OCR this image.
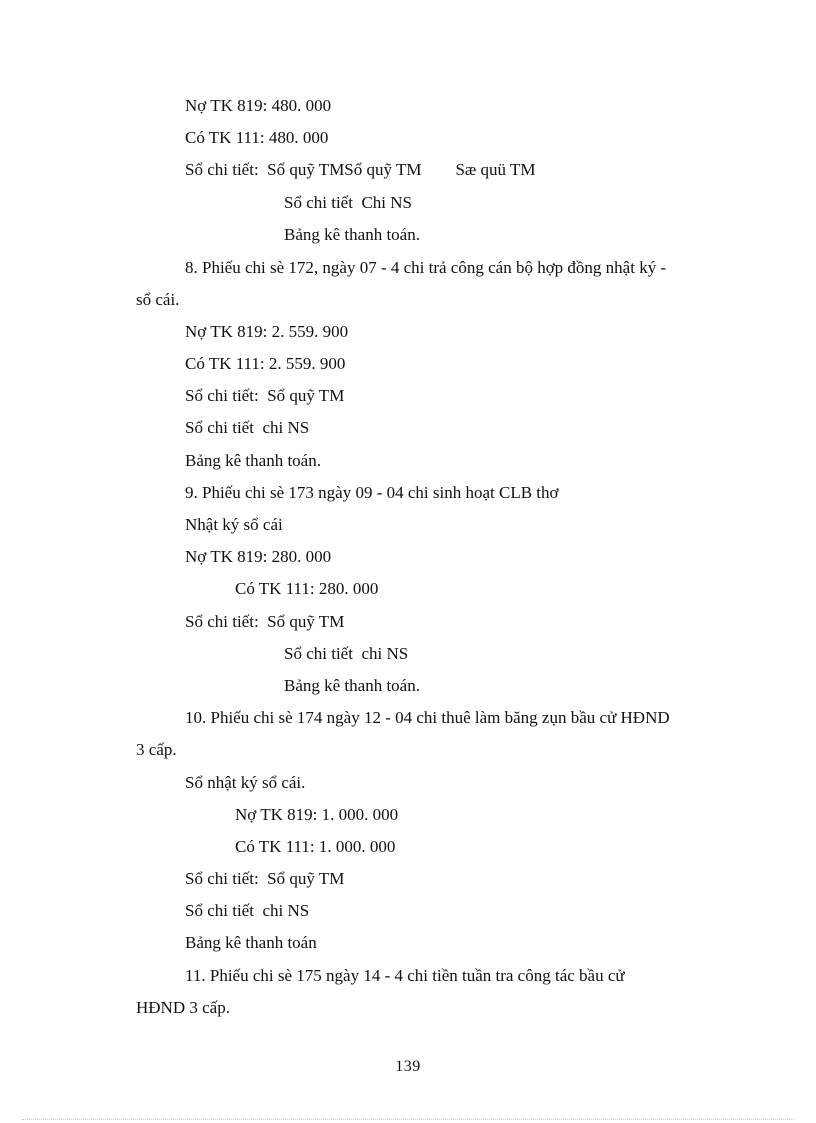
Nợ TK 819: 480. 000
Có TK 111: 480. 000
Sổ chi tiết:  Sổ quỹ TMSổ quỹ TM        Sæ quü TM
Sổ chi tiết  Chi NS
Bảng kê thanh toán.
8. Phiếu chi sè 172, ngày 07 - 4 chi trả công cán bộ hợp đồng nhật ký -
sổ cái.
Nợ TK 819: 2. 559. 900
Có TK 111: 2. 559. 900
Sổ chi tiết:  Sổ quỹ TM
Sổ chi tiết  chi NS
Bảng kê thanh toán.
9. Phiếu chi sè 173 ngày 09 - 04 chi sinh hoạt CLB thơ
Nhật ký sổ cái
Nợ TK 819: 280. 000
Có TK 111: 280. 000
Sổ chi tiết:  Sổ quỹ TM
Sổ chi tiết  chi NS
Bảng kê thanh toán.
10. Phiếu chi sè 174 ngày 12 - 04 chi thuê làm băng zụn bầu cử HĐND
3 cấp.
Sổ nhật ký sổ cái.
Nợ TK 819: 1. 000. 000
Có TK 111: 1. 000. 000
Sổ chi tiết:  Sổ quỹ TM
Sổ chi tiết  chi NS
Bảng kê thanh toán
11. Phiếu chi sè 175 ngày 14 - 4 chi tiền tuần tra công tác bầu cử
HĐND 3 cấp.
139
